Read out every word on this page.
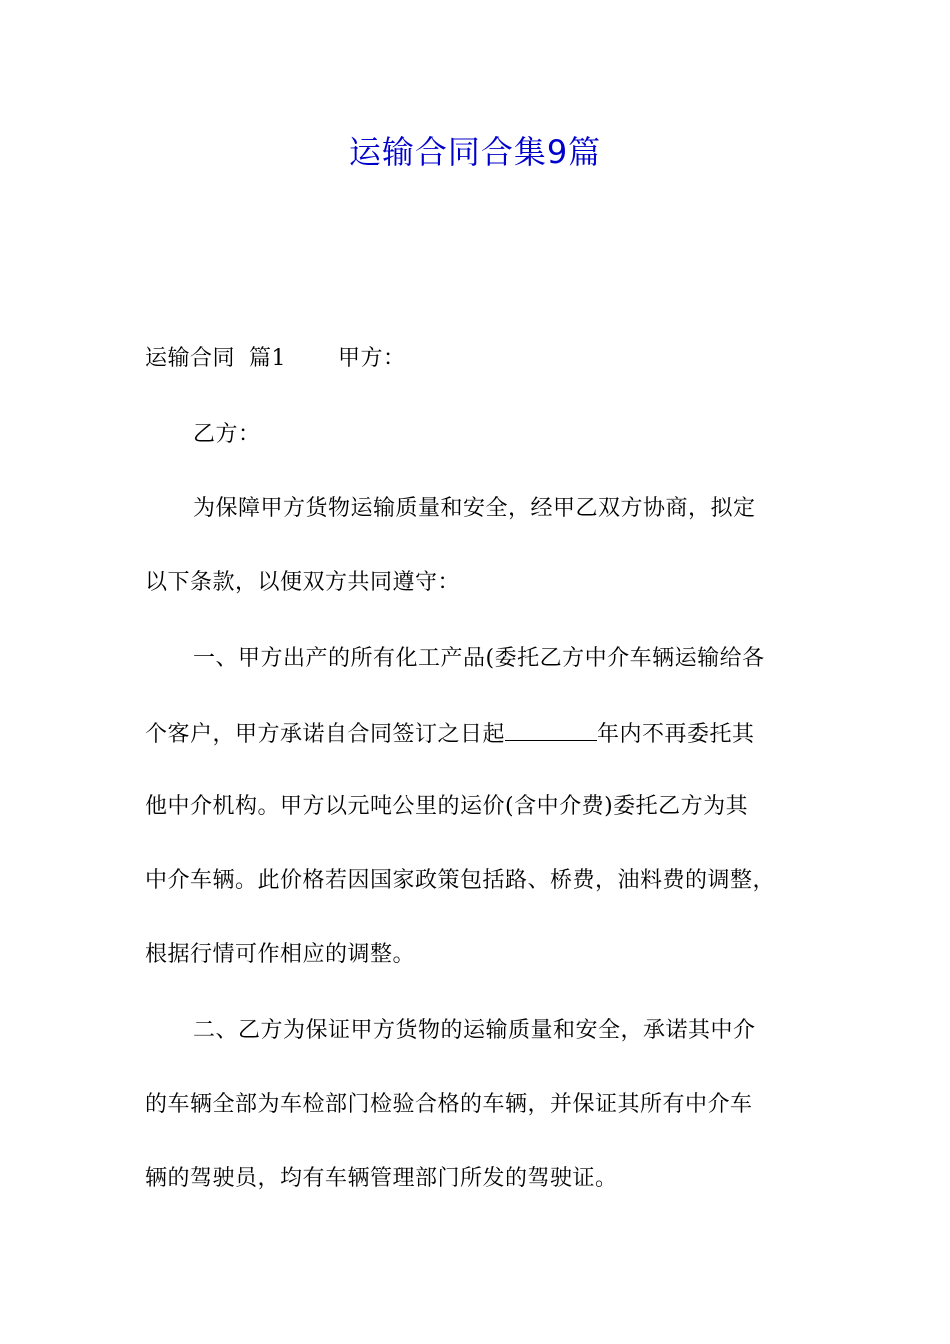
运输合同合集9篇
运输合同 篇1 甲方：
乙方：
为保障甲方货物运输质量和安全，经甲乙双方协商，拟定
以下条款，以便双方共同遵守：
一、甲方出产的所有化工产品(委托乙方中介车辆运输给各
个客户，甲方承诺自合同签订之日起	年内不再委托其
他中介机构。甲方以元吨公里的运价(含中介费)委托乙方为其
中介车辆。此价格若因国家政策包括路、桥费，油料费的调整，
根据行情可作相应的调整。
二、乙方为保证甲方货物的运输质量和安全，承诺其中介
的车辆全部为车检部门检验合格的车辆，并保证其所有中介车
辆的驾驶员，均有车辆管理部门所发的驾驶证。
